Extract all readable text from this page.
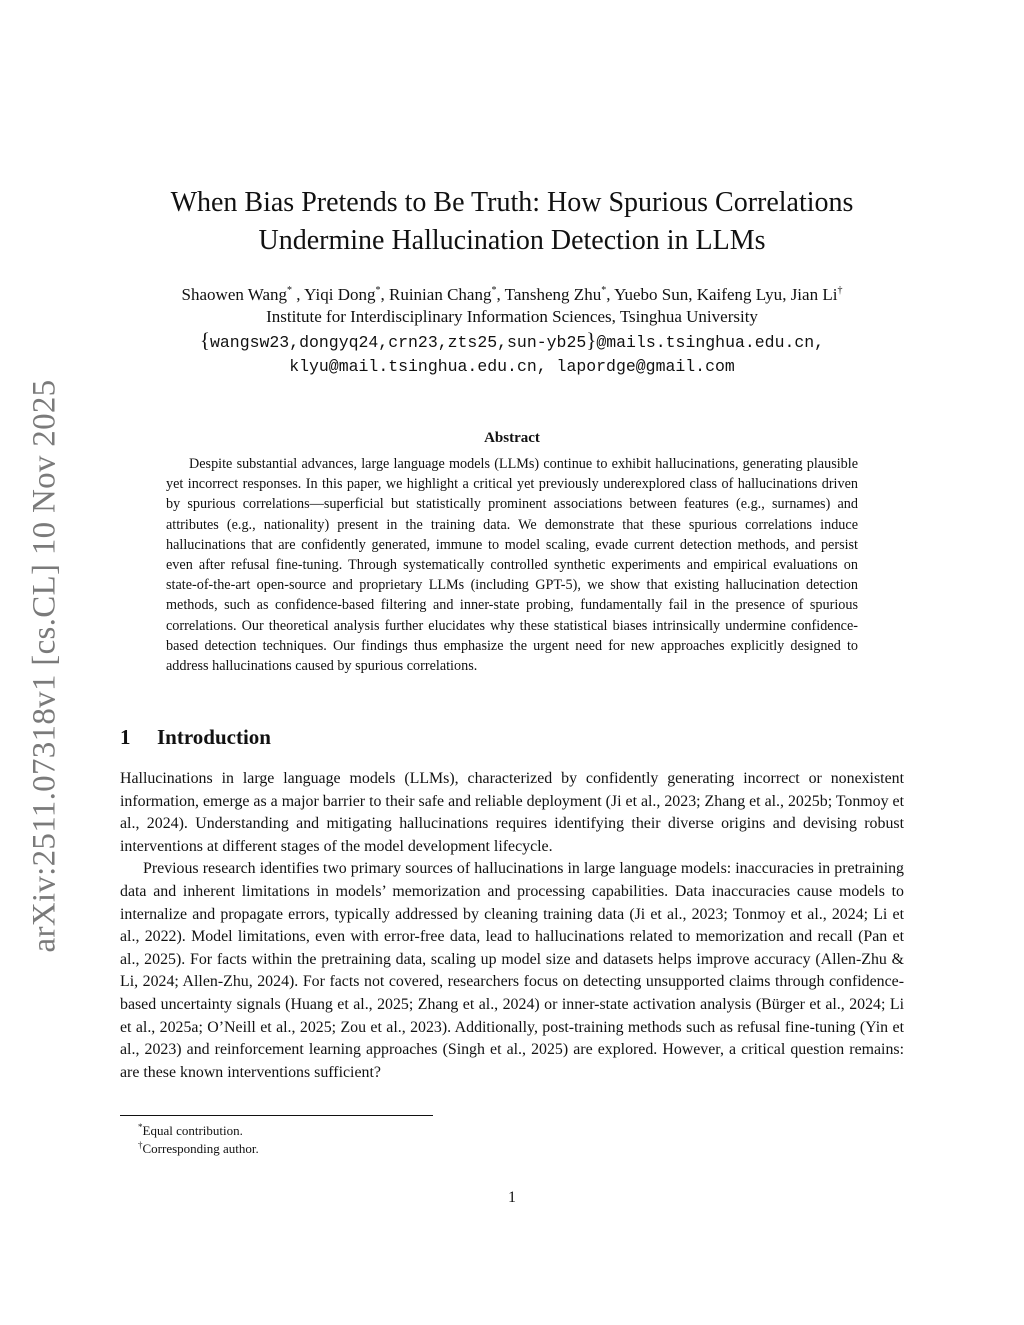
arXiv:2511.07318v1 [cs.CL] 10 Nov 2025
When Bias Pretends to Be Truth: How Spurious Correlations
Undermine Hallucination Detection in LLMs
Shaowen Wang* , Yiqi Dong*, Ruinian Chang*, Tansheng Zhu*, Yuebo Sun, Kaifeng Lyu, Jian Li†
Institute for Interdisciplinary Information Sciences, Tsinghua University
{wangsw23,dongyq24,crn23,zts25,sun-yb25}@mails.tsinghua.edu.cn,
klyu@mail.tsinghua.edu.cn, lapordge@gmail.com
Abstract

Despite substantial advances, large language models (LLMs) continue to exhibit hallucinations, generating plausible yet incorrect responses. In this paper, we highlight a critical yet previously underexplored class of hallucinations driven by spurious correlations—superficial but statistically prominent associations between features (e.g., surnames) and attributes (e.g., nationality) present in the training data. We demonstrate that these spurious correlations induce hallucinations that are confidently generated, immune to model scaling, evade current detection methods, and persist even after refusal fine-tuning. Through systematically controlled synthetic experiments and empirical evaluations on state-of-the-art open-source and proprietary LLMs (including GPT-5), we show that existing hallucination detection methods, such as confidence-based filtering and inner-state probing, fundamentally fail in the presence of spurious correlations. Our theoretical analysis further elucidates why these statistical biases intrinsically undermine confidence-based detection techniques. Our findings thus emphasize the urgent need for new approaches explicitly designed to address hallucinations caused by spurious correlations.

1 Introduction

Hallucinations in large language models (LLMs), characterized by confidently generating incorrect or nonexistent information, emerge as a major barrier to their safe and reliable deployment (Ji et al., 2023; Zhang et al., 2025b; Tonmoy et al., 2024). Understanding and mitigating hallucinations requires identifying their diverse origins and devising robust interventions at different stages of the model development lifecycle.

Previous research identifies two primary sources of hallucinations in large language models: inaccuracies in pretraining data and inherent limitations in models’ memorization and processing capabilities. Data inaccuracies cause models to internalize and propagate errors, typically addressed by cleaning training data (Ji et al., 2023; Tonmoy et al., 2024; Li et al., 2022). Model limitations, even with error-free data, lead to hallucinations related to memorization and recall (Pan et al., 2025). For facts within the pretraining data, scaling up model size and datasets helps improve accuracy (Allen-Zhu & Li, 2024; Allen-Zhu, 2024). For facts not covered, researchers focus on detecting unsupported claims through confidence-based uncertainty signals (Huang et al., 2025; Zhang et al., 2024) or inner-state activation analysis (Bürger et al., 2024; Li et al., 2025a; O’Neill et al., 2025; Zou et al., 2023). Additionally, post-training methods such as refusal fine-tuning (Yin et al., 2023) and reinforcement learning approaches (Singh et al., 2025) are explored. However, a critical question remains: are these known interventions sufficient?

*Equal contribution.
†Corresponding author.
1
